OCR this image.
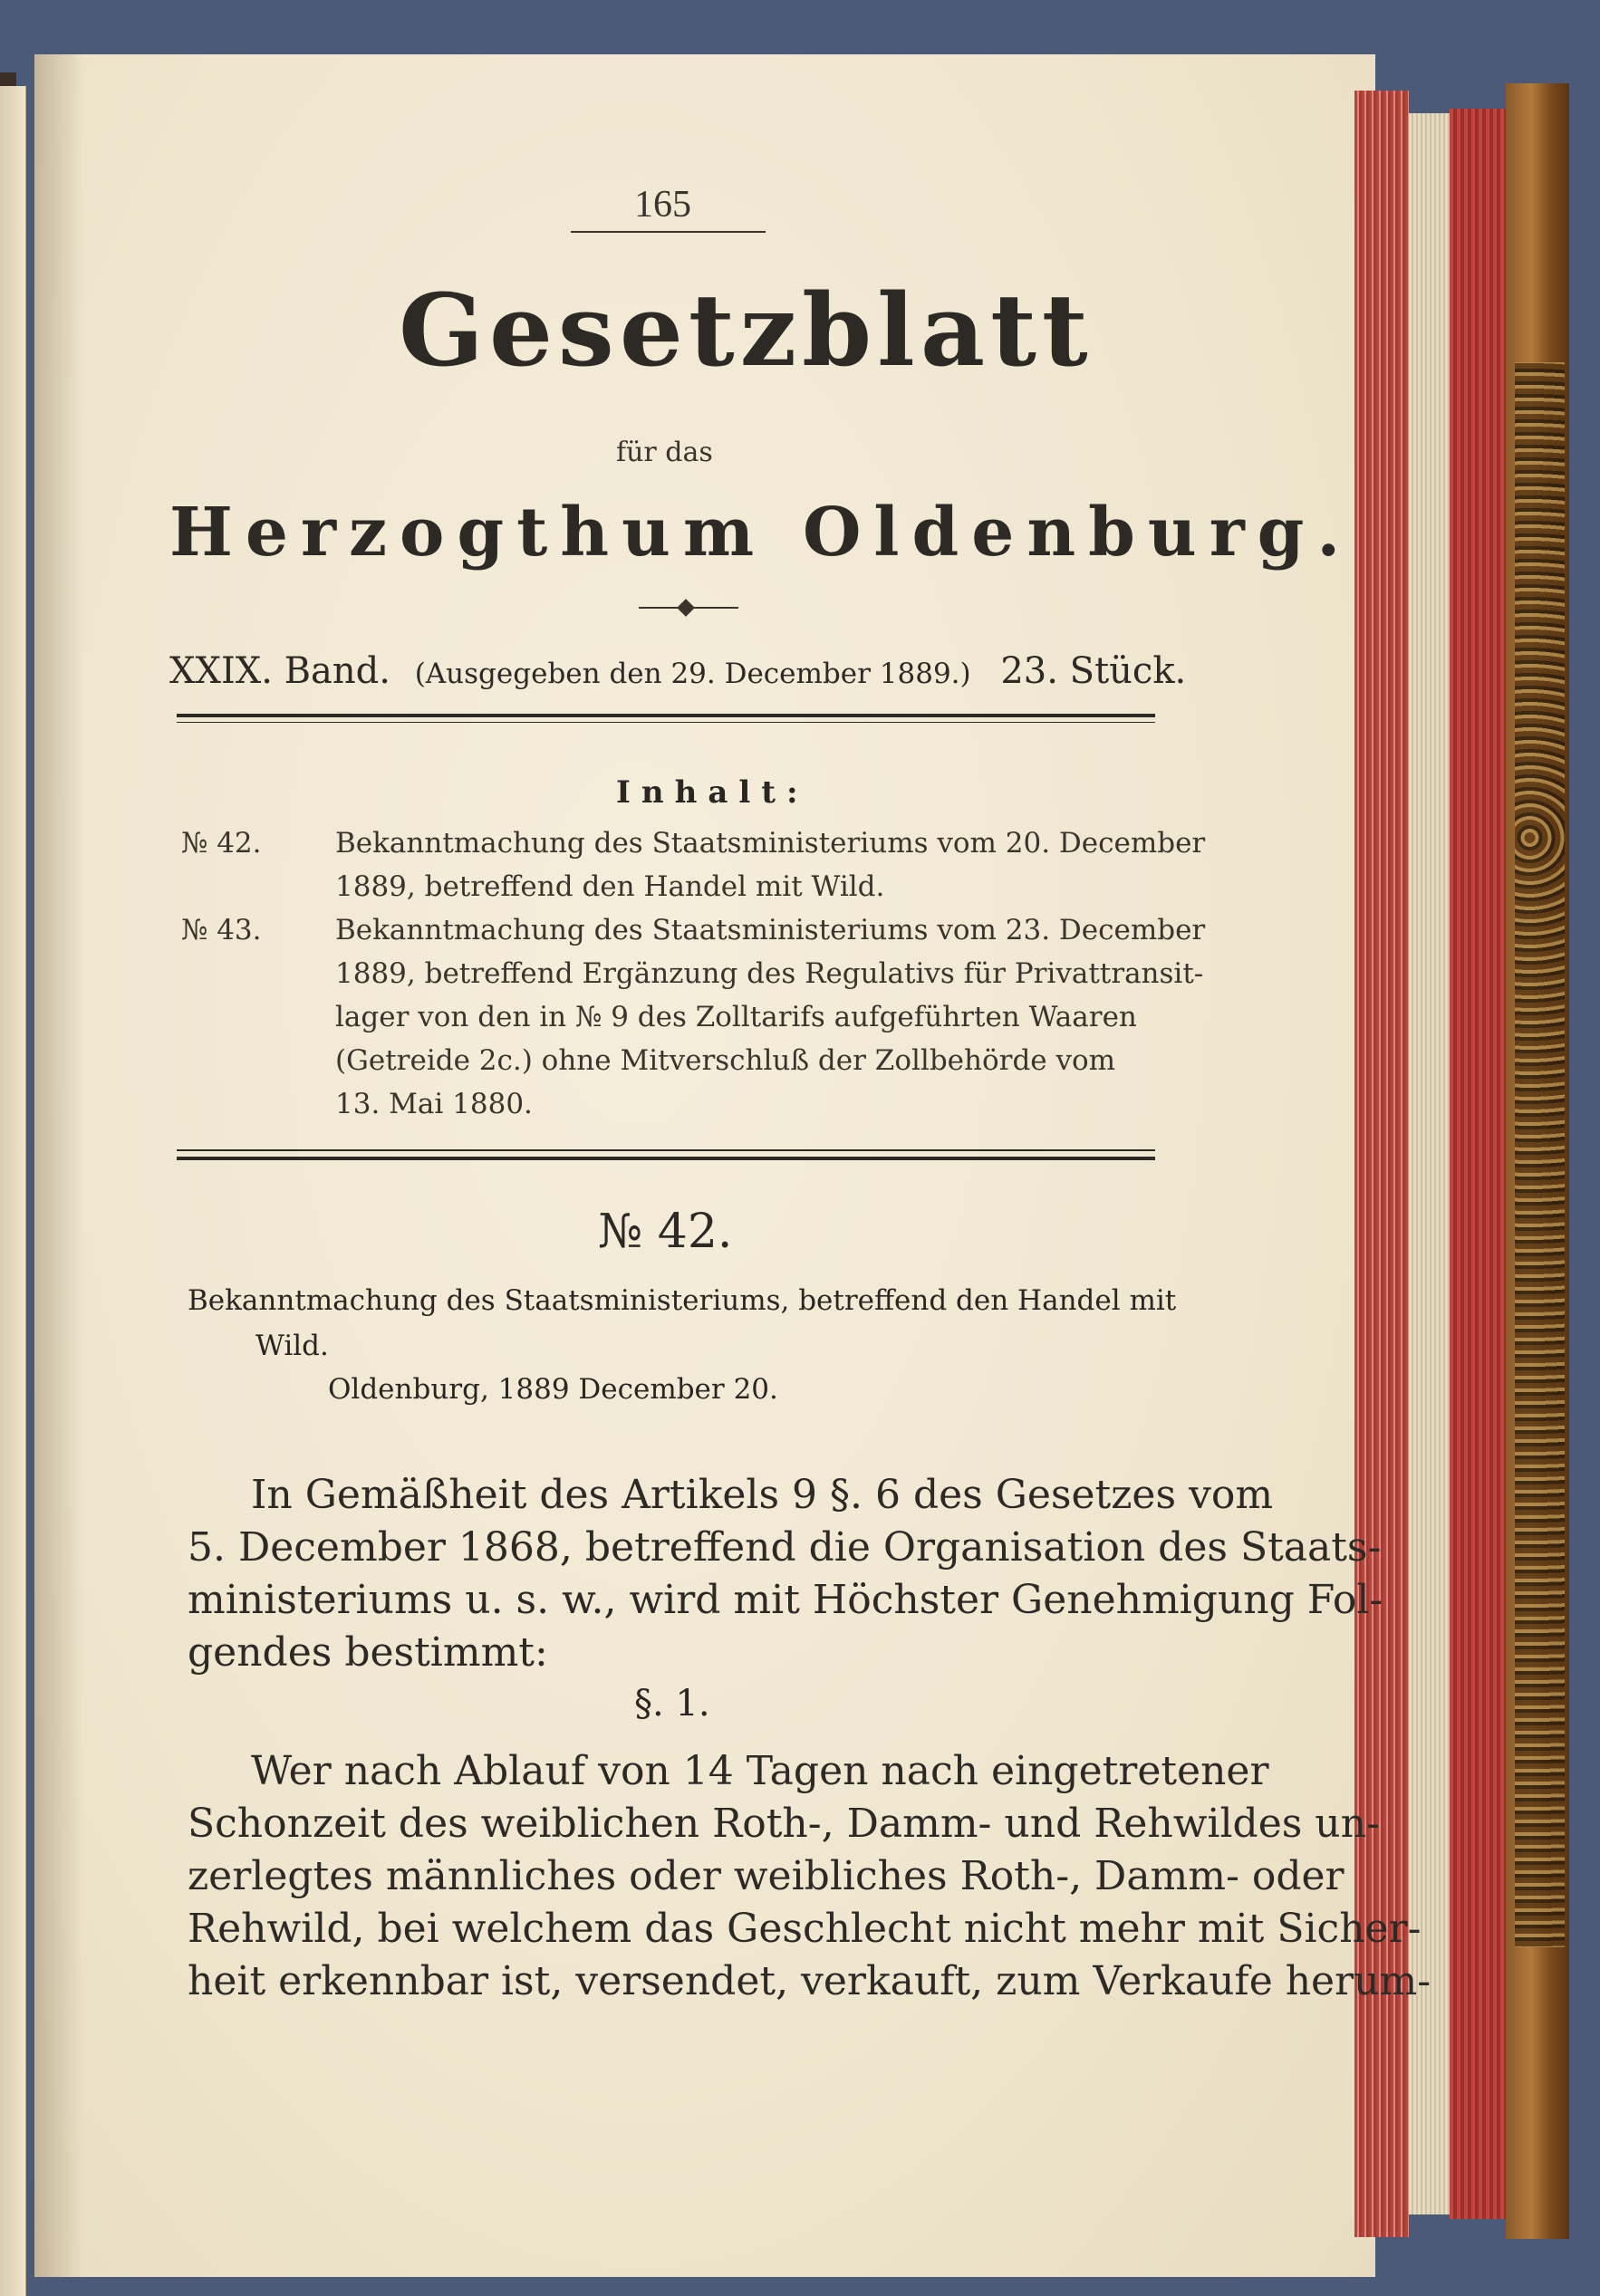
165
Gesetzblatt
für das
Herzogthum Oldenburg.
XXIX. Band. (Ausgegeben den 29. December 1889.) 23. Stück.
Inhalt:
№ 42.	Bekanntmachung des Staatsministeriums vom 20. December
1889, betreffend den Handel mit Wild.
№ 43.	Bekanntmachung des Staatsministeriums vom 23. December
1889, betreffend Ergänzung des Regulativs für Privattransit-
lager von den in № 9 des Zolltarifs aufgeführten Waaren
(Getreide 2c.) ohne Mitverschluß der Zollbehörde vom
13. Mai 1880.
№ 42.
Bekanntmachung des Staatsministeriums, betreffend den Handel mit
Wild.
Oldenburg, 1889 December 20.
In Gemäßheit des Artikels 9 §. 6 des Gesetzes vom
5. December 1868, betreffend die Organisation des Staats-
ministeriums u. s. w., wird mit Höchster Genehmigung Fol-
gendes bestimmt:
§. 1.
Wer nach Ablauf von 14 Tagen nach eingetretener
Schonzeit des weiblichen Roth-, Damm- und Rehwildes un-
zerlegtes männliches oder weibliches Roth-, Damm- oder
Rehwild, bei welchem das Geschlecht nicht mehr mit Sicher-
heit erkennbar ist, versendet, verkauft, zum Verkaufe herum-
